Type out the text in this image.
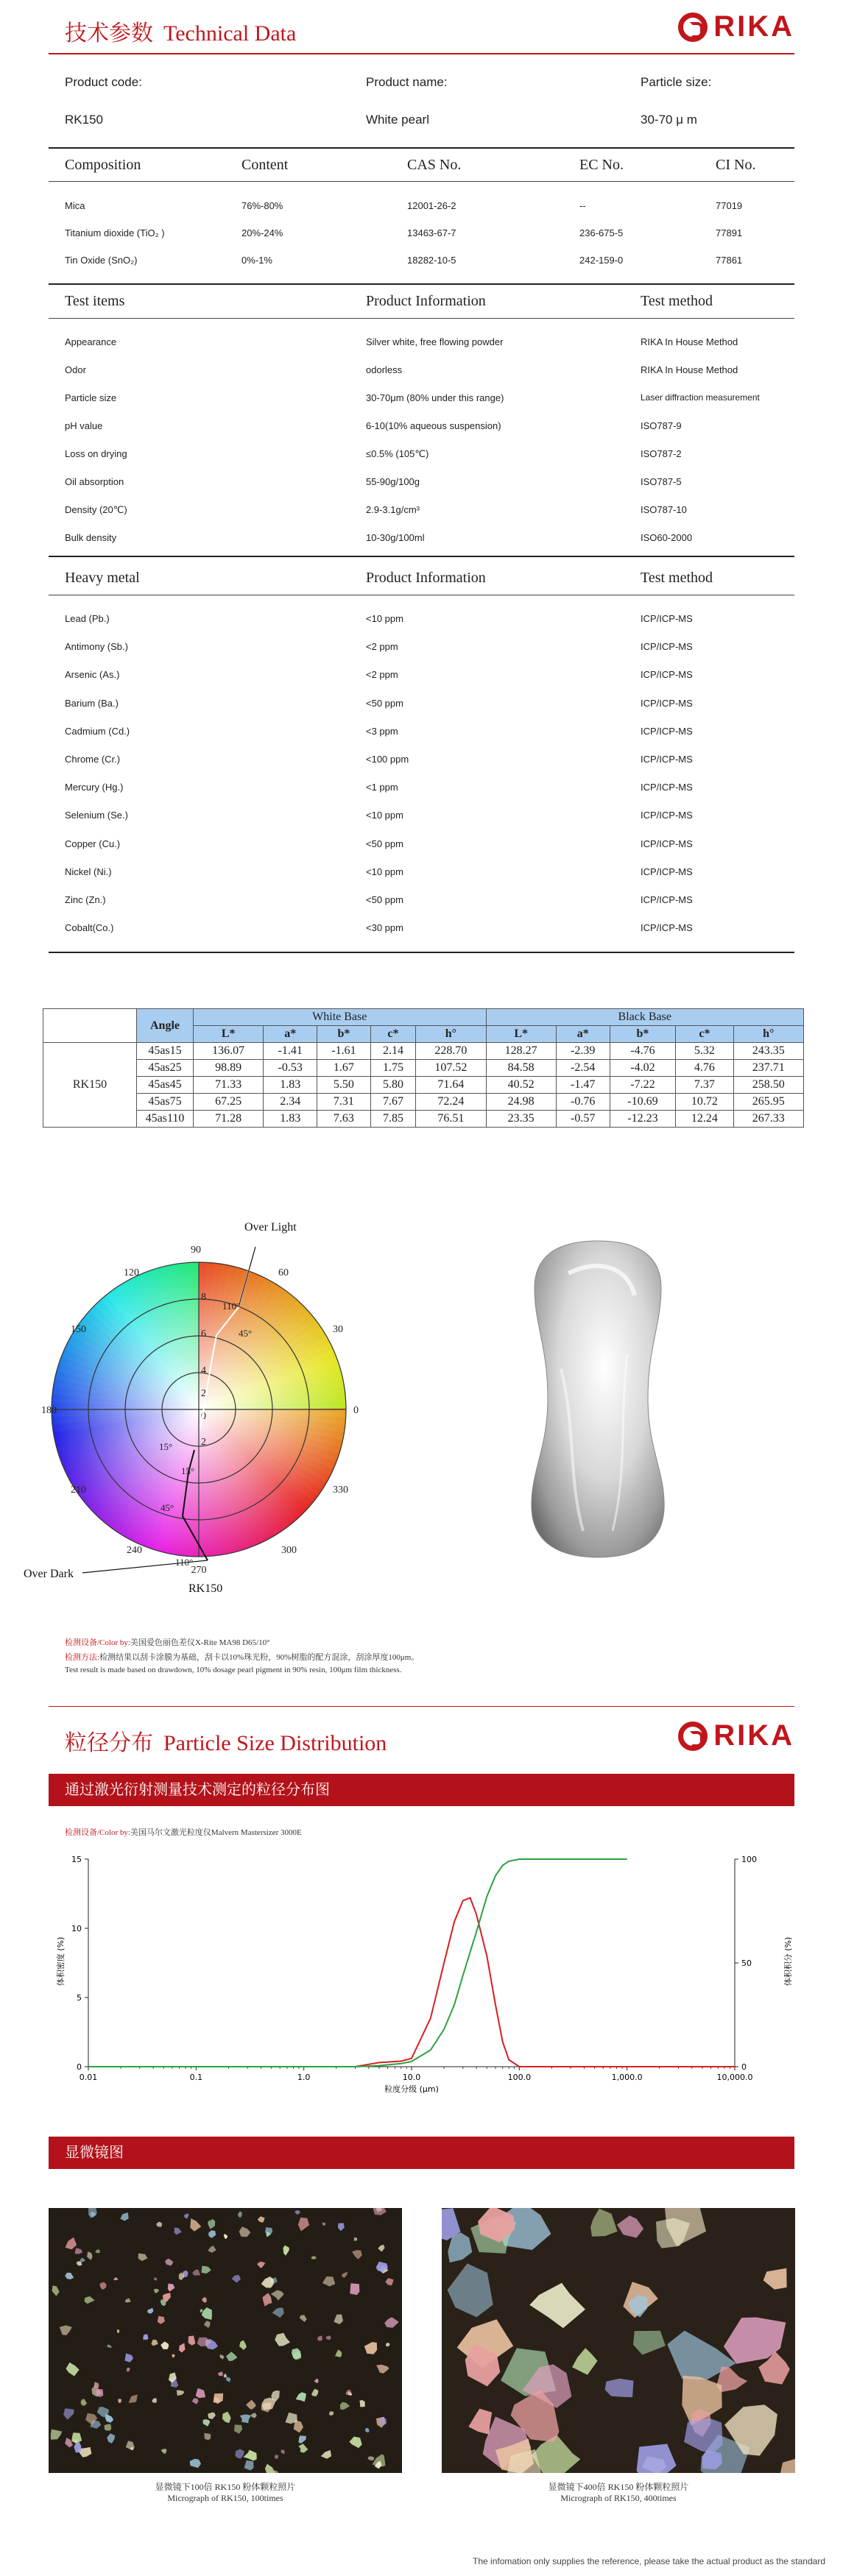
技术参数 Technical Data	RIKA
Product code:	Product name:	Particle size:
RK150	White pearl	30-70 μ m
Composition	Content	CAS No.	EC No.	CI No.
Mica	76%-80%	12001-26-2	--	77019
Titanium dioxide (TiO₂ )	20%-24%	13463-67-7	236-675-5	77891
Tin Oxide (SnO₂)	0%-1%	18282-10-5	242-159-0	77861
Test items	Product Information	Test method
Appearance	Silver white, free flowing powder	RIKA In House Method
Odor	odorless	RIKA In House Method
Particle size	30-70μm (80% under this range)	Laser diffraction measurement
pH value	6-10(10% aqueous suspension)	ISO787-9
Loss on drying	≤0.5% (105℃)	ISO787-2
Oil absorption	55-90g/100g	ISO787-5
Density (20℃)	2.9-3.1g/cm³	ISO787-10
Bulk density	10-30g/100ml	ISO60-2000
Heavy metal	Product Information	Test method
Lead (Pb.)	<10 ppm	ICP/ICP-MS
Antimony (Sb.)	<2 ppm	ICP/ICP-MS
Arsenic (As.)	<2 ppm	ICP/ICP-MS
Barium (Ba.)	<50 ppm	ICP/ICP-MS
Cadmium (Cd.)	<3 ppm	ICP/ICP-MS
Chrome (Cr.)	<100 ppm	ICP/ICP-MS
Mercury (Hg.)	<1 ppm	ICP/ICP-MS
Selenium (Se.)	<10 ppm	ICP/ICP-MS
Copper (Cu.)	<50 ppm	ICP/ICP-MS
Nickel (Ni.)	<10 ppm	ICP/ICP-MS
Zinc (Zn.)	<50 ppm	ICP/ICP-MS
Cobalt(Co.)	<30 ppm	ICP/ICP-MS
	Angle	White Base					Black Base				
		L*	a*	b*	c*	h°	L*	a*	b*	c*	h°
RK150	45as15	136.07	-1.41	-1.61	2.14	228.70	128.27	-2.39	-4.76	5.32	243.35
	45as25	98.89	-0.53	1.67	1.75	107.52	84.58	-2.54	-4.02	4.76	237.71
	45as45	71.33	1.83	5.50	5.80	71.64	40.52	-1.47	-7.22	7.37	258.50
	45as75	67.25	2.34	7.31	7.67	72.24	24.98	-0.76	-10.69	10.72	265.95
	45as110	71.28	1.83	7.63	7.85	76.51	23.35	-0.57	-12.23	12.24	267.33
90
60
30
0
330
300
270
240
210
180
150
120
8
6
4
2
0
2
110°
45°
15°
15°
45°
110°
Over Light
Over Dark
RK150
检测设备/Color by:美国爱色丽色差仪X-Rite MA98 D65/10°
检测方法:检测结果以刮卡涂膜为基础，刮卡以10%珠光粉，90%树脂的配方混涂，刮涂厚度100μm。
Test result is made based on drawdown, 10% dosage pearl pigment in 90% resin, 100μm film thickness.
粒径分布 Particle Size Distribution	RIKA
通过激光衍射测量技术测定的粒径分布图
检测设备/Color by:美国马尔文激光粒度仪Malvern Mastersizer 3000E
0.01	0.1	1.0	10.0	100.0	1,000.0	10,000.0
0
5
10
15
0
50
100
粒度分级 (μm)
体积密度 (%)	体积积分 (%)
显微镜图
显微镜下100倍 RK150 粉体颗粒照片
Micrograph of RK150, 100times
显微镜下400倍 RK150 粉体颗粒照片
Micrograph of RK150, 400times
The infomation only supplies the reference, please take the actual product as the standard
